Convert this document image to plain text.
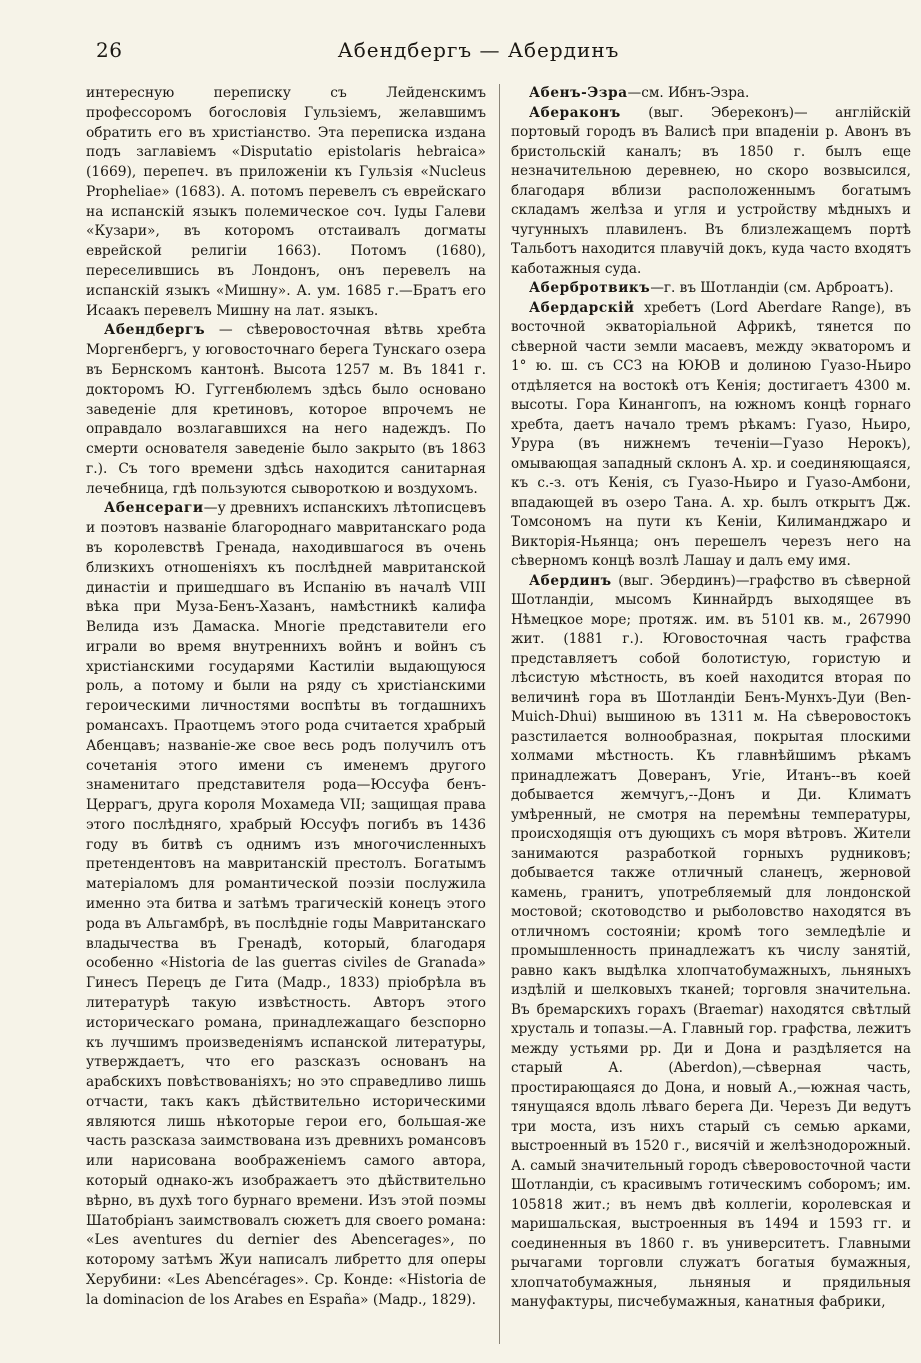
26	Абендбергъ — Абердинъ

интересную переписку съ Лейденскимъ профессоромъ богословія Гульзіемъ, желавшимъ обратить его въ христіанство. Эта переписка издана подъ заглавіемъ «Disputatio epistolaris hebraica» (1669), перепеч. въ приложеніи къ Гульзія «Nucleus Propheliae» (1683). А. потомъ перевелъ съ еврейскаго на испанскій языкъ полемическое соч. Іуды Галеви «Кузари», въ которомъ отстаивалъ догматы еврейской религіи 1663). Потомъ (1680), переселившись въ Лондонъ, онъ перевелъ на испанскій языкъ «Мишну». А. ум. 1685 г.—Братъ его Исаакъ перевелъ Мишну на лат. языкъ.

Абендбергъ — сѣверовосточная вѣтвь хребта Моргенбергъ, у юговосточнаго берега Тунскаго озера въ Бернскомъ кантонѣ. Высота 1257 м. Въ 1841 г. докторомъ Ю. Гуггенбюлемъ здѣсь было основано заведеніе для кретиновъ, которое впрочемъ не оправдало возлагавшихся на него надеждъ. По смерти основателя заведеніе было закрыто (въ 1863 г.). Съ того времени здѣсь находится санитарная лечебница, гдѣ пользуются сывороткою и воздухомъ.

Абенсераги—у древнихъ испанскихъ лѣтописцевъ и поэтовъ названіе благороднаго мавританскаго рода въ королевствѣ Гренада, находившагося въ очень близкихъ отношеніяхъ къ послѣдней мавританской династіи и пришедшаго въ Испанію въ началѣ VIII вѣка при Муза-Бенъ-Хазанъ, намѣстникѣ калифа Велида изъ Дамаска. Многіе представители его играли во время внутреннихъ войнъ и войнъ съ христіанскими государями Кастиліи выдающуюся роль, а потому и были на ряду съ христіанскими героическими личностями воспѣты въ тогдашнихъ романсахъ. Праотцемъ этого рода считается храбрый Абенцавъ; названіе-же свое весь родъ получилъ отъ сочетанія этого имени съ именемъ другого знаменитаго представителя рода—Юссуфа бенъ-Церрагъ, друга короля Мохамеда VII; защищая права этого послѣдняго, храбрый Юссуфъ погибъ въ 1436 году въ битвѣ съ однимъ изъ многочисленныхъ претендентовъ на мавританскій престолъ. Богатымъ матеріаломъ для романтической поэзіи послужила именно эта битва и затѣмъ трагическій конецъ этого рода въ Альгамбрѣ, въ послѣдніе годы Мавританскаго владычества въ Гренадѣ, который, благодаря особенно «Historia de las guerras civiles de Granada» Гинесъ Перецъ де Гита (Мадр., 1833) пріобрѣла въ литературѣ такую извѣстность. Авторъ этого историческаго романа, принадлежащаго безспорно къ лучшимъ произведеніямъ испанской литературы, утверждаетъ, что его разсказъ основанъ на арабскихъ повѣствованіяхъ; но это справедливо лишь отчасти, такъ какъ дѣйствительно историческими являются лишь нѣкоторые герои его, большая-же часть разсказа заимствована изъ древнихъ романсовъ или нарисована воображеніемъ самого автора, который однако-жъ изображаетъ это дѣйствительно вѣрно, въ духѣ того бурнаго времени. Изъ этой поэмы Шатобріанъ заимствовалъ сюжетъ для своего романа: «Les aventures du dernier des Abencerages», по которому затѣмъ Жуи написалъ либретто для оперы Херубини: «Les Abencérages». Ср. Конде: «Historia de la dominacion de los Arabes en España» (Мадр., 1829).

Абенъ-Эзра—см. Ибнъ-Эзра.

Абераконъ (выг. Эбереконъ)— англійскій портовый городъ въ Валисѣ при впаденіи р. Авонъ въ бристольскій каналъ; въ 1850 г. былъ еще незначительною деревнею, но скоро возвысился, благодаря вблизи расположеннымъ богатымъ складамъ желѣза и угля и устройству мѣдныхъ и чугунныхъ плавиленъ. Въ близлежащемъ портѣ Тальботъ находится плавучій докъ, куда часто входятъ каботажныя суда.

Абербротвикъ—г. въ Шотландіи (см. Арброатъ).

Абердарскій хребетъ (Lord Aberdare Range), въ восточной экваторіальной Африкѣ, тянется по сѣверной части земли масаевъ, между экваторомъ и 1° ю. ш. съ ССЗ на ЮЮВ и долиною Гуазо-Ньиро отдѣляется на востокѣ отъ Кенія; достигаетъ 4300 м. высоты. Гора Кинангопъ, на южномъ концѣ горнаго хребта, даетъ начало тремъ рѣкамъ: Гуазо, Ньиро, Урура (въ нижнемъ теченіи—Гуазо Нерокъ), омывающая западный склонъ А. хр. и соединяющаяся, къ с.-з. отъ Кенія, съ Гуазо-Ньиро и Гуазо-Амбони, впадающей въ озеро Тана. А. хр. былъ открытъ Дж. Томсономъ на пути къ Кеніи, Килиманджаро и Викторія-Ньянца; онъ перешелъ черезъ него на сѣверномъ концѣ возлѣ Лашау и далъ ему имя.

Абердинъ (выг. Эбердинъ)—графство въ сѣверной Шотландіи, мысомъ Киннайрдъ выходящее въ Нѣмецкое море; протяж. им. въ 5101 кв. м., 267990 жит. (1881 г.). Юговосточная часть графства представляетъ собой болотистую, гористую и лѣсистую мѣстность, въ коей находится вторая по величинѣ гора въ Шотландіи Бенъ-Мунхъ-Дуи (Ben-Muich-Dhui) вышиною въ 1311 м. На сѣверовостокъ разстилается волнообразная, покрытая плоскими холмами мѣстность. Къ главнѣйшимъ рѣкамъ принадлежатъ Доверанъ, Угіе, Итанъ--въ коей добывается жемчугъ,--Донъ и Ди. Климатъ умѣренный, не смотря на перемѣны температуры, происходящія отъ дующихъ съ моря вѣтровъ. Жители занимаются разработкой горныхъ рудниковъ; добывается также отличный сланецъ, жерновой камень, гранитъ, употребляемый для лондонской мостовой; скотоводство и рыболовство находятся въ отличномъ состояніи; кромѣ того земледѣліе и промышленность принадлежатъ къ числу занятій, равно какъ выдѣлка хлопчатобумажныхъ, льняныхъ издѣлій и шелковыхъ тканей; торговля значительна. Въ бремарскихъ горахъ (Braemar) находятся свѣтлый хрусталь и топазы.—А. Главный гор. графства, лежитъ между устьями рр. Ди и Дона и раздѣляется на старый А. (Aberdon),—сѣверная часть, простирающаяся до Дона, и новый А.,—южная часть, тянущаяся вдоль лѣваго берега Ди. Черезъ Ди ведутъ три моста, изъ нихъ старый съ семью арками, выстроенный въ 1520 г., висячій и желѣзнодорожный. А. самый значительный городъ сѣверовосточной части Шотландіи, съ красивымъ готическимъ соборомъ; им. 105818 жит.; въ немъ двѣ коллегіи, королевская и маришальская, выстроенныя въ 1494 и 1593 гг. и соединенныя въ 1860 г. въ университетъ. Главными рычагами торговли служатъ богатыя бумажныя, хлопчатобумажныя, льняныя и прядильныя мануфактуры, писчебумажныя, канатныя фабрики,
